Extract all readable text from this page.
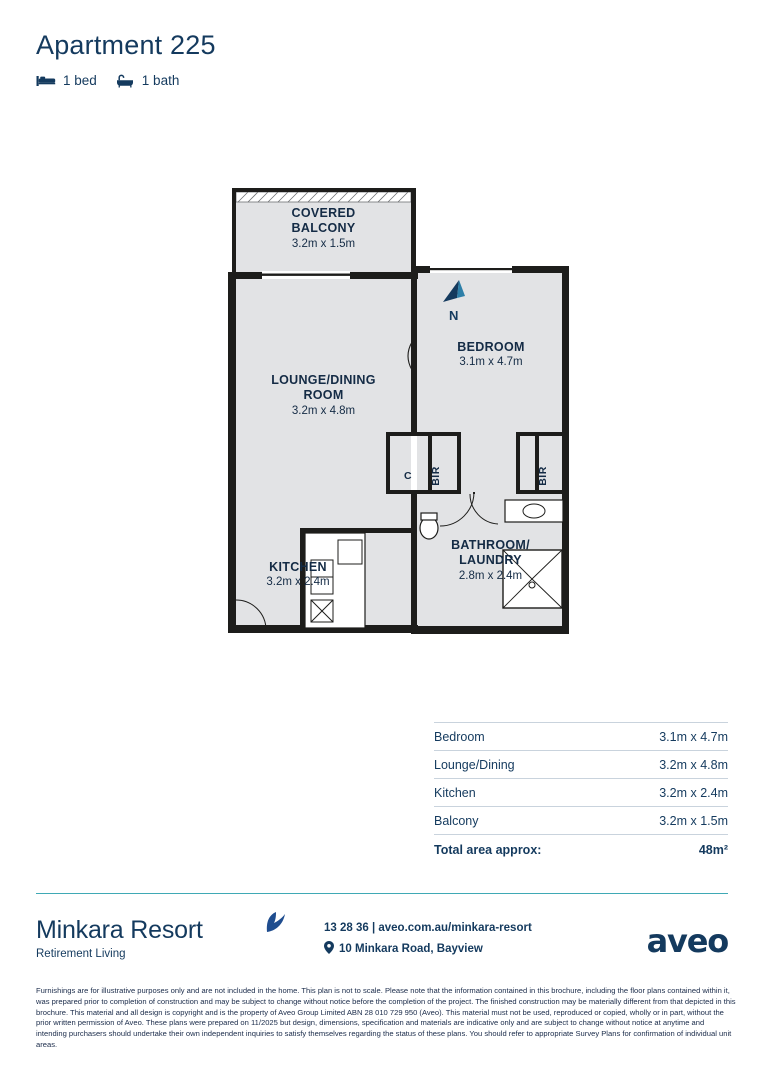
Apartment 225
1 bed	1 bath
N
COVERED
BALCONY
3.2m x 1.5m
BEDROOM
3.1m x 4.7m
LOUNGE/DINING
ROOM
3.2m x 4.8m
KITCHEN
3.2m x 2.4m
BATHROOM/
LAUNDRY
2.8m x 2.4m
C BIR	BIR
Bedroom	3.1m x 4.7m
Lounge/Dining	3.2m x 4.8m
Kitchen	3.2m x 2.4m
Balcony	3.2m x 1.5m
Total area approx:	48m²
Minkara Resort
Retirement Living
13 28 36 | aveo.com.au/minkara-resort
10 Minkara Road, Bayview	aveo
Furnishings are for illustrative purposes only and are not included in the home. This plan is not to scale. Please note that the information contained in this brochure, including the floor plans contained within it, was prepared prior to completion of construction and may be subject to change without notice before the completion of the project. The finished construction may be materially different from that depicted in this brochure. This material and all design is copyright and is the property of Aveo Group Limited ABN 28 010 729 950 (Aveo). This material must not be used, reproduced or copied, wholly or in part, without the prior written permission of Aveo. These plans were prepared on 11/2025 but design, dimensions, specification and materials are indicative only and are subject to change without notice at anytime and intending purchasers should undertake their own independent inquiries to satisfy themselves regarding the status of these plans. You should refer to appropriate Survey Plans for confirmation of individual unit areas.
